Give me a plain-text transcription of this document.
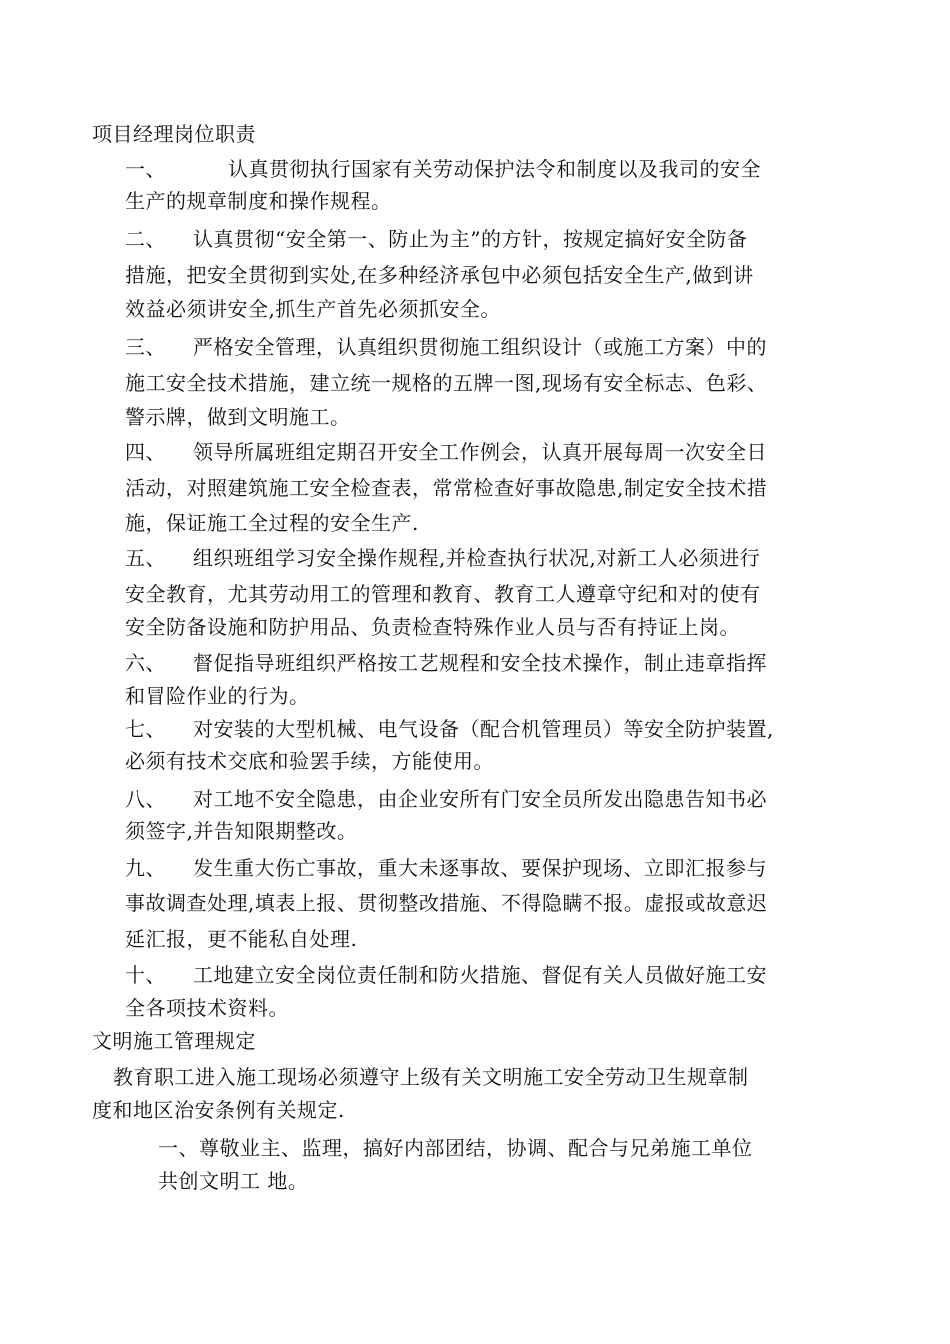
项目经理岗位职责
一、	认真贯彻执行国家有关劳动保护法令和制度以及我司的安全
生产的规章制度和操作规程。
二、 认真贯彻“安全第一、防止为主”的方针，按规定搞好安全防备
措施，把安全贯彻到实处,在多种经济承包中必须包括安全生产,做到讲
效益必须讲安全,抓生产首先必须抓安全。
三、 严格安全管理，认真组织贯彻施工组织设计（或施工方案）中的
施工安全技术措施，建立统一规格的五牌一图,现场有安全标志、色彩、
警示牌，做到文明施工。
四、 领导所属班组定期召开安全工作例会，认真开展每周一次安全日
活动，对照建筑施工安全检查表，常常检查好事故隐患,制定安全技术措
施，保证施工全过程的安全生产.
五、 组织班组学习安全操作规程,并检查执行状况,对新工人必须进行
安全教育，尤其劳动用工的管理和教育、教育工人遵章守纪和对的使有
安全防备设施和防护用品、负责检查特殊作业人员与否有持证上岗。
六、 督促指导班组织严格按工艺规程和安全技术操作，制止违章指挥
和冒险作业的行为。
七、 对安装的大型机械、电气设备（配合机管理员）等安全防护装置,
必须有技术交底和验罢手续，方能使用。
八、 对工地不安全隐患，由企业安所有门安全员所发出隐患告知书必
须签字,并告知限期整改。
九、 发生重大伤亡事故，重大未逐事故、要保护现场、立即汇报参与
事故调查处理,填表上报、贯彻整改措施、不得隐瞒不报。虚报或故意迟
延汇报，更不能私自处理.
十、 工地建立安全岗位责任制和防火措施、督促有关人员做好施工安
全各项技术资料。
文明施工管理规定
教育职工进入施工现场必须遵守上级有关文明施工安全劳动卫生规章制
度和地区治安条例有关规定.
一、尊敬业主、监理，搞好内部团结，协调、配合与兄弟施工单位
共创文明工 地。
